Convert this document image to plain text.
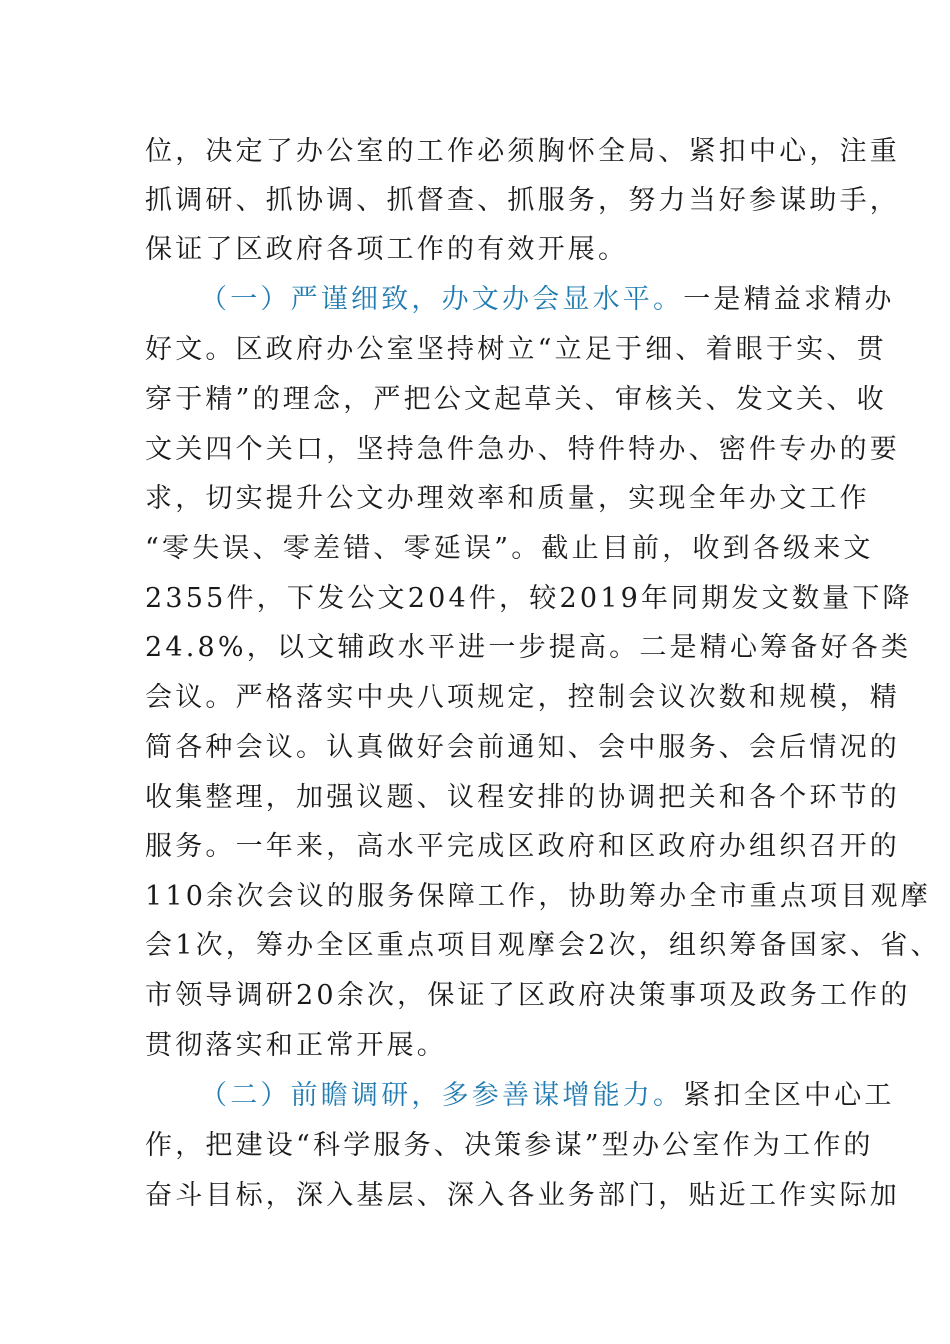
位，决定了办公室的工作必须胸怀全局、紧扣中心，注重
抓调研、抓协调、抓督查、抓服务，努力当好参谋助手，
保证了区政府各项工作的有效开展。
（一）严谨细致，办文办会显水平。一是精益求精办
好文。区政府办公室坚持树立“立足于细、着眼于实、贯
穿于精”的理念，严把公文起草关、审核关、发文关、收
文关四个关口，坚持急件急办、特件特办、密件专办的要
求，切实提升公文办理效率和质量，实现全年办文工作
“零失误、零差错、零延误”。截止目前，收到各级来文
2355件，下发公文204件，较2019年同期发文数量下降
24.8%，以文辅政水平进一步提高。二是精心筹备好各类
会议。严格落实中央八项规定，控制会议次数和规模，精
简各种会议。认真做好会前通知、会中服务、会后情况的
收集整理，加强议题、议程安排的协调把关和各个环节的
服务。一年来，高水平完成区政府和区政府办组织召开的
110余次会议的服务保障工作，协助筹办全市重点项目观摩
会1次，筹办全区重点项目观摩会2次，组织筹备国家、省、
市领导调研20余次，保证了区政府决策事项及政务工作的
贯彻落实和正常开展。
（二）前瞻调研，多参善谋增能力。紧扣全区中心工
作，把建设“科学服务、决策参谋”型办公室作为工作的
奋斗目标，深入基层、深入各业务部门，贴近工作实际加
